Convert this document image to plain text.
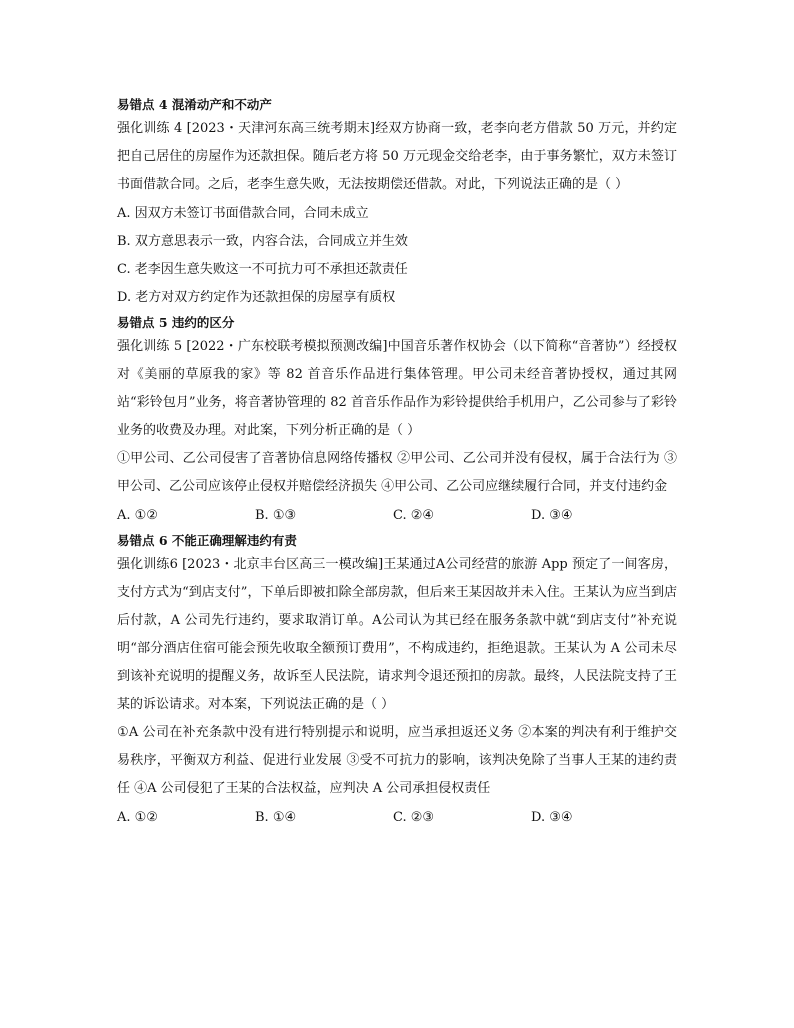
易错点 4 混淆动产和不动产

强化训练 4 [2023・天津河东高三统考期末]经双方协商一致，老李向老方借款 50 万元，并约定把自己居住的房屋作为还款担保。随后老方将 50 万元现金交给老李，由于事务繁忙，双方未签订书面借款合同。之后，老李生意失败，无法按期偿还借款。对此，下列说法正确的是（ ）

A. 因双方未签订书面借款合同，合同未成立

B. 双方意思表示一致，内容合法，合同成立并生效

C. 老李因生意失败这一不可抗力可不承担还款责任

D. 老方对双方约定作为还款担保的房屋享有质权

易错点 5 违约的区分

强化训练 5 [2022・广东校联考模拟预测改编]中国音乐著作权协会（以下简称“音著协”）经授权对《美丽的草原我的家》等 82 首音乐作品进行集体管理。甲公司未经音著协授权，通过其网站“彩铃包月”业务，将音著协管理的 82 首音乐作品作为彩铃提供给手机用户，乙公司参与了彩铃业务的收费及办理。对此案，下列分析正确的是（ ）

①甲公司、乙公司侵害了音著协信息网络传播权 ②甲公司、乙公司并没有侵权，属于合法行为 ③甲公司、乙公司应该停止侵权并赔偿经济损失 ④甲公司、乙公司应继续履行合同，并支付违约金

A. ①②	B. ①③	C. ②④	D. ③④

易错点 6 不能正确理解违约有责

强化训练6 [2023・北京丰台区高三一模改编]王某通过A公司经营的旅游 App 预定了一间客房，支付方式为“到店支付”，下单后即被扣除全部房款，但后来王某因故并未入住。王某认为应当到店后付款，A 公司先行违约，要求取消订单。A公司认为其已经在服务条款中就“到店支付”补充说明“部分酒店住宿可能会预先收取全额预订费用”，不构成违约，拒绝退款。王某认为 A 公司未尽到该补充说明的提醒义务，故诉至人民法院，请求判令退还预扣的房款。最终，人民法院支持了王某的诉讼请求。对本案，下列说法正确的是（ ）

①A 公司在补充条款中没有进行特别提示和说明，应当承担返还义务 ②本案的判决有利于维护交易秩序，平衡双方利益、促进行业发展 ③受不可抗力的影响，该判决免除了当事人王某的违约责任 ④A 公司侵犯了王某的合法权益，应判决 A 公司承担侵权责任

A. ①②	B. ①④	C. ②③	D. ③④
